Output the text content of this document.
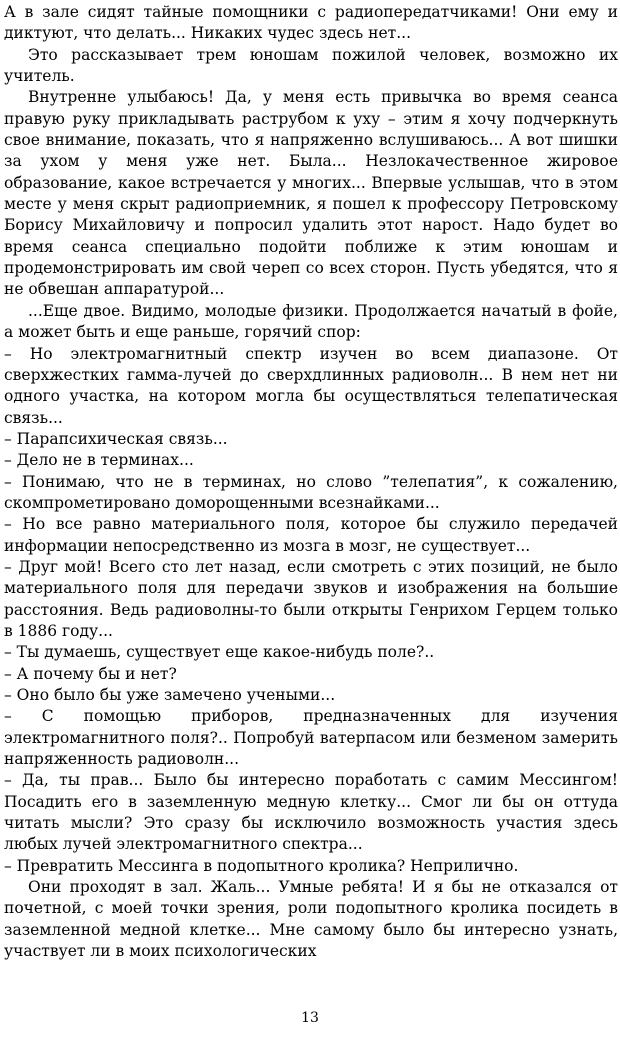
А в зале сидят тайные помощники с радиопередатчиками! Они ему и диктуют, что делать... Никаких чудес здесь нет...

Это рассказывает трем юношам пожилой человек, возможно их учитель.

Внутренне улыбаюсь! Да, у меня есть привычка во время сеанса правую руку прикладывать раструбом к уху – этим я хочу подчеркнуть свое внимание, показать, что я напряженно вслушиваюсь... А вот шишки за ухом у меня уже нет. Была... Незлокачественное жировое образование, какое встречается у многих... Впервые услышав, что в этом месте у меня скрыт радиоприемник, я пошел к профессору Петровскому Борису Михайловичу и попросил удалить этот нарост. Надо будет во время сеанса специально подойти поближе к этим юношам и продемонстрировать им свой череп со всех сторон. Пусть убедятся, что я не обвешан аппаратурой...

...Еще двое. Видимо, молодые физики. Продолжается начатый в фойе, а может быть и еще раньше, горячий спор:

– Но электромагнитный спектр изучен во всем диапазоне. От сверхжестких гамма-лучей до сверхдлинных радиоволн... В нем нет ни одного участка, на котором могла бы осуществляться телепатическая связь...

– Парапсихическая связь...

– Дело не в терминах...

– Понимаю, что не в терминах, но слово ”телепатия”, к сожалению, скомпрометировано доморощенными всезнайками...

– Но все равно материального поля, которое бы служило передачей информации непосредственно из мозга в мозг, не существует...

– Друг мой! Всего сто лет назад, если смотреть с этих позиций, не было материального поля для передачи звуков и изображения на большие расстояния. Ведь радиоволны-то были открыты Генрихом Герцем только в 1886 году...

– Ты думаешь, существует еще какое-нибудь поле?..

– А почему бы и нет?

– Оно было бы уже замечено учеными...

– С помощью приборов, предназначенных для изучения электромагнитного поля?.. Попробуй ватерпасом или безменом замерить напряженность радиоволн...

– Да, ты прав... Было бы интересно поработать с самим Мессингом! Посадить его в заземленную медную клетку... Смог ли бы он оттуда читать мысли? Это сразу бы исключило возможность участия здесь любых лучей электромагнитного спектра...

– Превратить Мессинга в подопытного кролика? Неприлично.

Они проходят в зал. Жаль... Умные ребята! И я бы не отказался от почетной, с моей точки зрения, роли подопытного кролика посидеть в заземленной медной клетке... Мне самому было бы интересно узнать, участвует ли в моих психологических

13
